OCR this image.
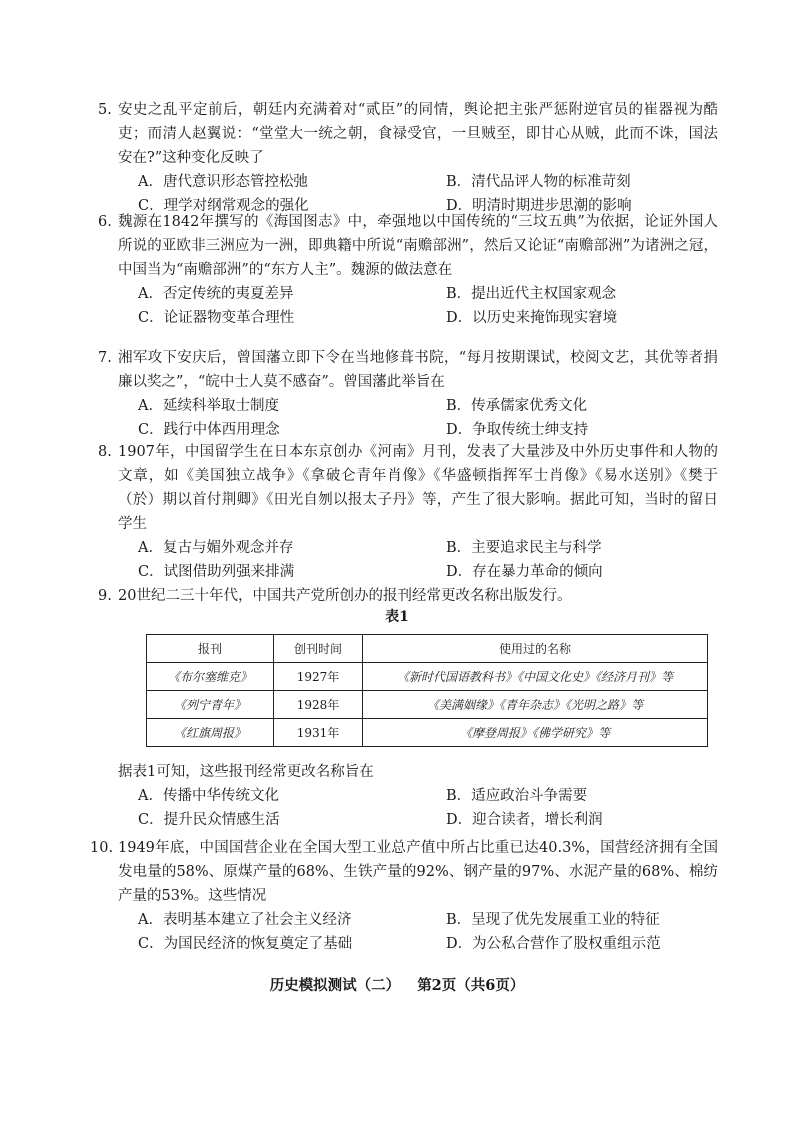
5. 安史之乱平定前后，朝廷内充满着对“贰臣”的同情，舆论把主张严惩附逆官员的崔器视为酷吏；而清人赵翼说：“堂堂大一统之朝，食禄受官，一旦贼至，即甘心从贼，此而不诛，国法安在?”这种变化反映了

A．唐代意识形态管控松弛	B．清代品评人物的标准苛刻
C．理学对纲常观念的强化	D．明清时期进步思潮的影响
6. 魏源在1842年撰写的《海国图志》中，牵强地以中国传统的“三坟五典”为依据，论证外国人所说的亚欧非三洲应为一洲，即典籍中所说“南赡部洲”，然后又论证“南赡部洲”为诸洲之冠，中国当为“南赡部洲”的“东方人主”。魏源的做法意在

A．否定传统的夷夏差异	B．提出近代主权国家观念
C．论证器物变革合理性	D．以历史来掩饰现实窘境
7. 湘军攻下安庆后，曾国藩立即下令在当地修葺书院，“每月按期课试，校阅文艺，其优等者捐廉以奖之”，“皖中士人莫不感奋”。曾国藩此举旨在

A．延续科举取士制度	B．传承儒家优秀文化
C．践行中体西用理念	D．争取传统士绅支持
8. 1907年，中国留学生在日本东京创办《河南》月刊，发表了大量涉及中外历史事件和人物的文章，如《美国独立战争》《拿破仑青年肖像》《华盛顿指挥军士肖像》《易水送别》《樊于（於）期以首付荆卿》《田光自刎以报太子丹》等，产生了很大影响。据此可知，当时的留日学生

A．复古与媚外观念并存	B．主要追求民主与科学
C．试图借助列强来排满	D．存在暴力革命的倾向
9. 20世纪二三十年代，中国共产党所创办的报刊经常更改名称出版发行。

表1
报刊	创刊时间	使用过的名称
《布尔塞维克》	1927年	《新时代国语教科书》《中国文化史》《经济月刊》等
《列宁青年》	1928年	《美满姻缘》《青年杂志》《光明之路》等
《红旗周报》	1931年	《摩登周报》《佛学研究》等

据表1可知，这些报刊经常更改名称旨在

A．传播中华传统文化	B．适应政治斗争需要
C．提升民众情感生活	D．迎合读者，增长利润
10. 1949年底，中国国营企业在全国大型工业总产值中所占比重已达40.3%，国营经济拥有全国发电量的58%、原煤产量的68%、生铁产量的92%、钢产量的97%、水泥产量的68%、棉纺产量的53%。这些情况

A．表明基本建立了社会主义经济	B．呈现了优先发展重工业的特征
C．为国民经济的恢复奠定了基础	D．为公私合营作了股权重组示范
历史模拟测试（二） 第2页（共6页）
